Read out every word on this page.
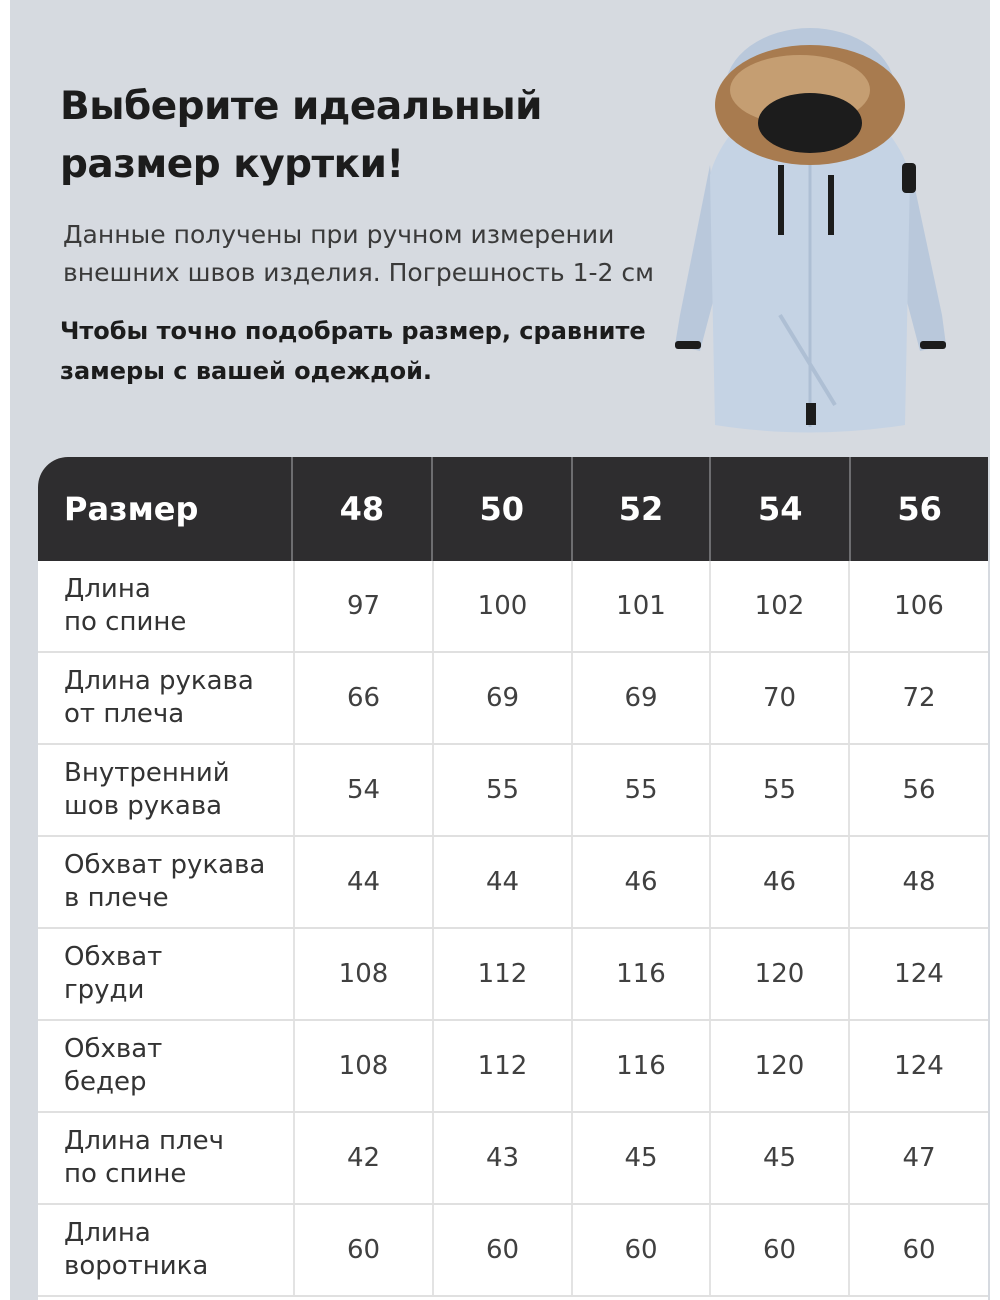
Выберите идеальный размер куртки!
Данные получены при ручном измерении внешних швов изделия. Погрешность 1-2 см
Чтобы точно подобрать размер, сравните замеры с вашей одеждой.
Размер	48	50	52	54	56
Длина
по спине
97	100	101	102	106
Длина рукава
от плеча
66	69	69	70	72
Внутренний
шов рукава
54	55	55	55	56
Обхват рукава
в плече
44	44	46	46	48
Обхват
груди
108	112	116	120	124
Обхват
бедер
108	112	116	120	124
Длина плеч
по спине
42	43	45	45	47
Длина
воротника
60	60	60	60	60
